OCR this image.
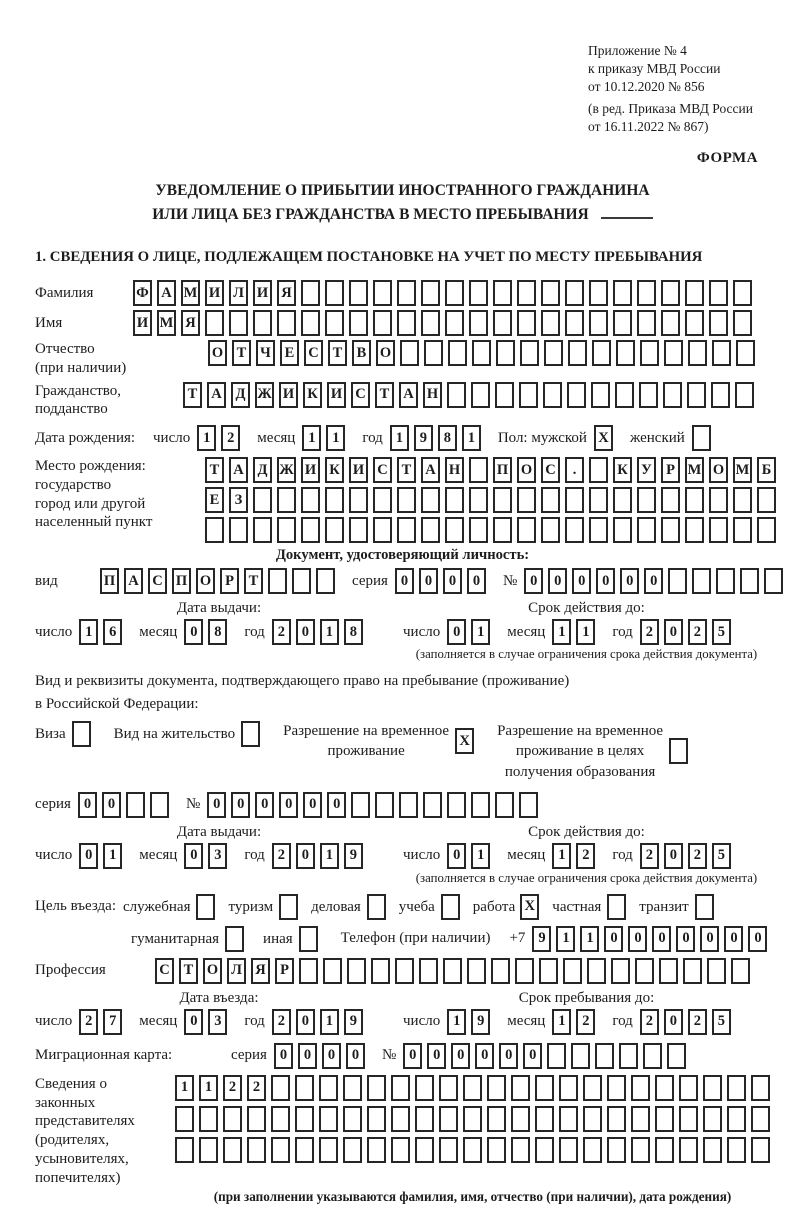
Приложение № 4
к приказу МВД России
от 10.12.2020 № 856
(в ред. Приказа МВД России
от 16.11.2022 № 867)
ФОРМА
УВЕДОМЛЕНИЕ О ПРИБЫТИИ ИНОСТРАННОГО ГРАЖДАНИНА
ИЛИ ЛИЦА БЕЗ ГРАЖДАНСТВА В МЕСТО ПРЕБЫВАНИЯ
1. СВЕДЕНИЯ О ЛИЦЕ, ПОДЛЕЖАЩЕМ ПОСТАНОВКЕ НА УЧЕТ ПО МЕСТУ ПРЕБЫВАНИЯ
Фамилия	Ф А М И Л И Я
Имя	И М Я
Отчество
(при наличии)
О Т Ч Е С Т В О
Гражданство,
подданство
Т А Д Ж И К И С Т А Н
Дата рождения:	число 1	2	месяц 1	1	год 1	9	8	1	Пол: мужской X женский
Место рождения:
государство
город или другой
населенный пункт
Т А Д Ж И К И С Т А Н	П О С	.	К У Р М О М Б
Е	З
Документ, удостоверяющий личность:
вид	П А С П О Р	Т	серия 0	0	0	0	№ 0	0	0	0	0	0
Дата выдачи:
число 1	6	месяц 0	8	год 2	0	1	8
Срок действия до:
число 0	1	месяц 1	1	год 2	0	2	5
(заполняется в случае ограничения срока действия документа)
Вид и реквизиты документа, подтверждающего право на пребывание (проживание)
в Российской Федерации:
Виза	Вид на жительство	Разрешение на временное
проживание
X
Разрешение на временное
проживание в целях
получения образования
серия 0	0	№ 0	0	0	0	0	0
Дата выдачи:
число 0	1	месяц 0	3	год 2	0	1	9
Срок действия до:
число 0	1	месяц 1	2	год 2	0	2	5
(заполняется в случае ограничения срока действия документа)
Цель въезда: служебная	туризм	деловая	учеба	работа X частная	транзит
гуманитарная	иная	Телефон (при наличии) +7 9	1	1	0	0	0	0	0	0	0
Профессия	С Т О Л Я Р
Дата въезда:
число 2	7	месяц 0	3	год 2	0	1	9
Срок пребывания до:
число 1	9	месяц 1	2	год 2	0	2	5
Миграционная карта:	серия 0	0	0	0	№ 0	0	0	0	0	0
Сведения о
законных
представителях
(родителях,
усыновителях,
попечителях)
1	1	2	2
(при заполнении указываются фамилия, имя, отчество (при наличии), дата рождения)
